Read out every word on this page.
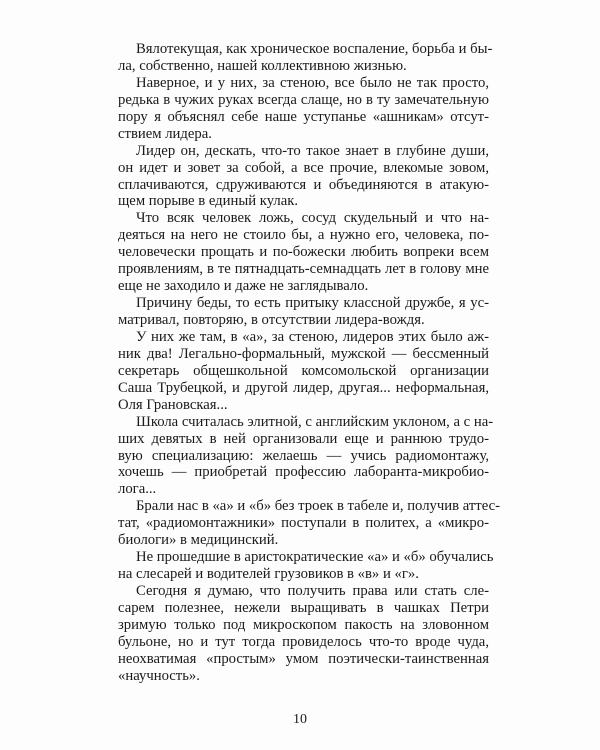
Вялотекущая, как хроническое воспаление, борьба и бы-
ла, собственно, нашей коллективною жизнью.
Наверное, и у них, за стеною, все было не так просто,
редька в чужих руках всегда слаще, но в ту замечательную
пору я объяснял себе наше уступанье «ашникам» отсут-
ствием лидера.
Лидер он, дескать, что-то такое знает в глубине души,
он идет и зовет за собой, а все прочие, влекомые зовом,
сплачиваются, сдруживаются и объединяются в атакую-
щем порыве в единый кулак.
Что всяк человек ложь, сосуд скудельный и что на-
деяться на него не стоило бы, а нужно его, человека, по-
человечески прощать и по-божески любить вопреки всем
проявлениям, в те пятнадцать-семнадцать лет в голову мне
еще не заходило и даже не заглядывало.
Причину беды, то есть притыку классной дружбе, я ус-
матривал, повторяю, в отсутствии лидера-вождя.
У них же там, в «а», за стеною, лидеров этих было аж-
ник два! Легально-формальный, мужской — бессменный
секретарь общешкольной комсомольской организации
Саша Трубецкой, и другой лидер, другая... неформальная,
Оля Грановская...
Школа считалась элитной, с английским уклоном, а с на-
ших девятых в ней организовали еще и раннюю трудо-
вую специализацию: желаешь — учись радиомонтажу,
хочешь — приобретай профессию лаборанта-микробио-
лога...
Брали нас в «а» и «б» без троек в табеле и, получив аттес-
тат, «радиомонтажники» поступали в политех, а «микро-
биологи» в медицинский.
Не прошедшие в аристократические «а» и «б» обучались
на слесарей и водителей грузовиков в «в» и «г».
Сегодня я думаю, что получить права или стать сле-
сарем полезнее, нежели выращивать в чашках Петри
зримую только под микроскопом пакость на зловонном
бульоне, но и тут тогда провиделось что-то вроде чуда,
неохватимая «простым» умом поэтически-таинственная
«научность».
10
